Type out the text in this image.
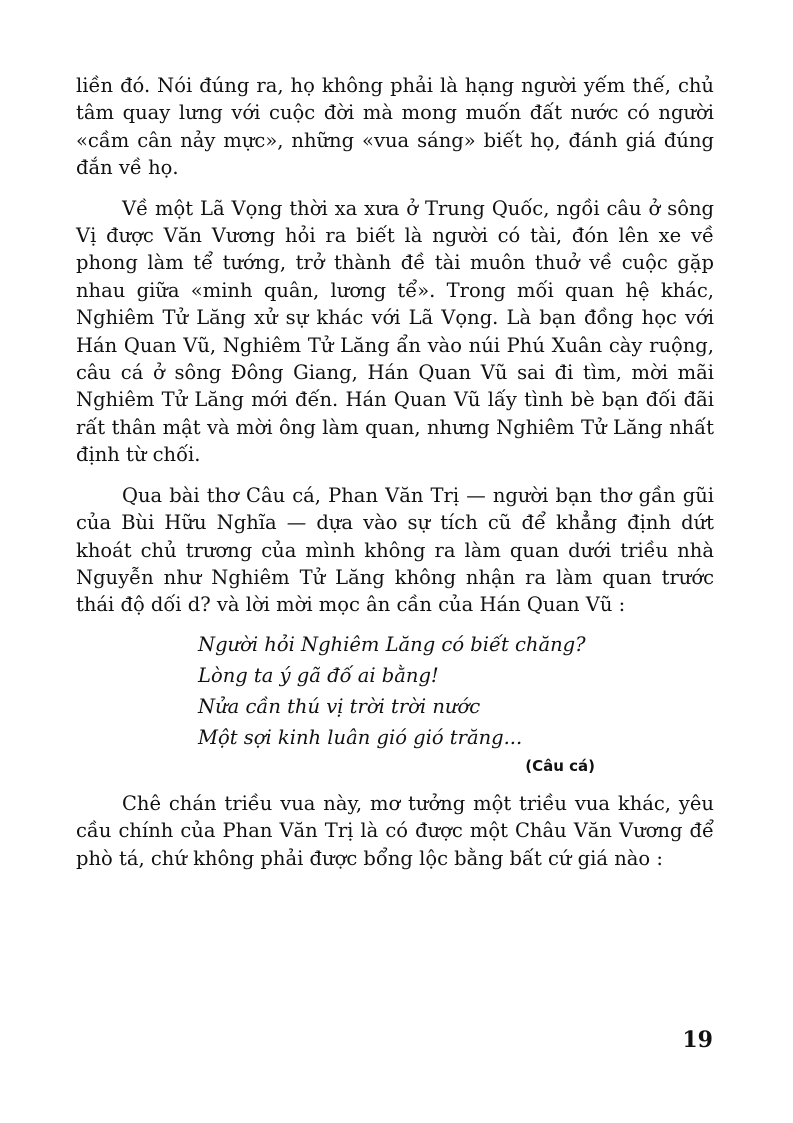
liền đó. Nói đúng ra, họ không phải là hạng người yếm thế, chủ tâm quay lưng với cuộc đời mà mong muốn đất nước có người «cầm cân nảy mực», những «vua sáng» biết họ, đánh giá đúng đắn về họ.

Về một Lã Vọng thời xa xưa ở Trung Quốc, ngồi câu ở sông Vị được Văn Vương hỏi ra biết là người có tài, đón lên xe về phong làm tể tướng, trở thành đề tài muôn thuở về cuộc gặp nhau giữa «minh quân, lương tể». Trong mối quan hệ khác, Nghiêm Tử Lăng xử sự khác với Lã Vọng. Là bạn đồng học với Hán Quan Vũ, Nghiêm Tử Lăng ẩn vào núi Phú Xuân cày ruộng, câu cá ở sông Đông Giang, Hán Quan Vũ sai đi tìm, mời mãi Nghiêm Tử Lăng mới đến. Hán Quan Vũ lấy tình bè bạn đối đãi rất thân mật và mời ông làm quan, nhưng Nghiêm Tử Lăng nhất định từ chối.

Qua bài thơ Câu cá, Phan Văn Trị — người bạn thơ gần gũi của Bùi Hữu Nghĩa — dựa vào sự tích cũ để khẳng định dứt khoát chủ trương của mình không ra làm quan dưới triều nhà Nguyễn như Nghiêm Tử Lăng không nhận ra làm quan trước thái độ dối d? và lời mời mọc ân cần của Hán Quan Vũ :

Người hỏi Nghiêm Lăng có biết chăng?
Lòng ta ý gã đố ai bằng!
Nửa cần thú vị trời trời nước
Một sợi kinh luân gió gió trăng...
(Câu cá)

Chê chán triều vua này, mơ tưởng một triều vua khác, yêu cầu chính của Phan Văn Trị là có được một Châu Văn Vương để phò tá, chứ không phải được bổng lộc bằng bất cứ giá nào :

19
